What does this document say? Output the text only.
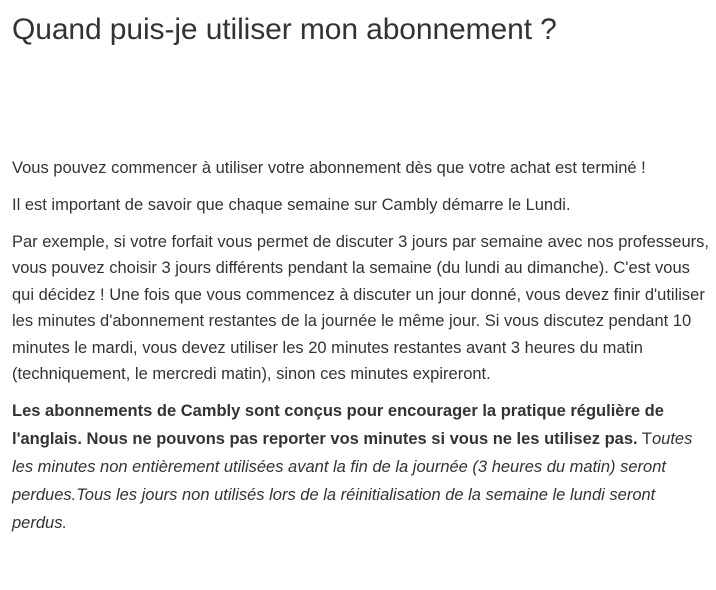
Quand puis-je utiliser mon abonnement ?

Vous pouvez commencer à utiliser votre abonnement dès que votre achat est terminé !

Il est important de savoir que chaque semaine sur Cambly démarre le Lundi.

Par exemple, si votre forfait vous permet de discuter 3 jours par semaine avec nos professeurs, vous pouvez choisir 3 jours différents pendant la semaine (du lundi au dimanche). C'est vous qui décidez ! Une fois que vous commencez à discuter un jour donné, vous devez finir d'utiliser les minutes d'abonnement restantes de la journée le même jour. Si vous discutez pendant 10 minutes le mardi, vous devez utiliser les 20 minutes restantes avant 3 heures du matin (techniquement, le mercredi matin), sinon ces minutes expireront.

Les abonnements de Cambly sont conçus pour encourager la pratique régulière de l'anglais. Nous ne pouvons pas reporter vos minutes si vous ne les utilisez pas. Toutes les minutes non entièrement utilisées avant la fin de la journée (3 heures du matin) seront perdues.Tous les jours non utilisés lors de la réinitialisation de la semaine le lundi seront perdus.
